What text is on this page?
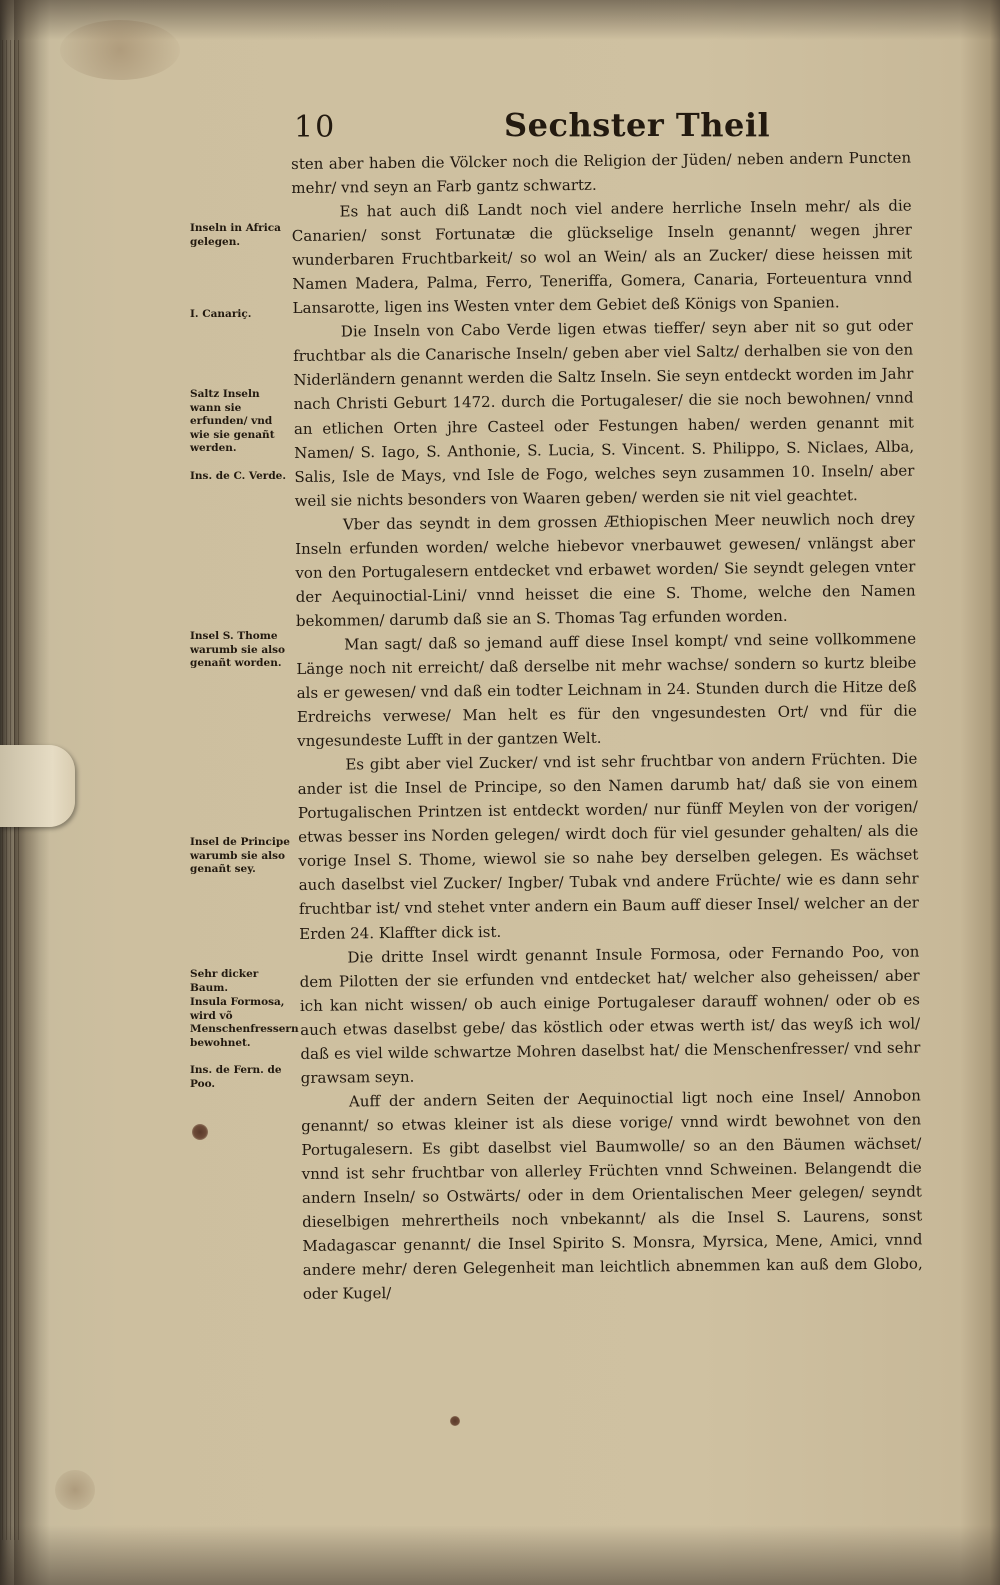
10	Sechster Theil
sten aber haben die Völcker noch die Religion der Jüden/ neben andern Puncten mehr/ vnd seyn an Farb gantz schwartz.
Es hat auch diß Landt noch viel andere herrliche Inseln mehr/ als die Canarien/ sonst Fortunatæ die glückselige Inseln genannt/ wegen jhrer wunderbaren Fruchtbarkeit/ so wol an Wein/ als an Zucker/ diese heissen mit Namen Madera, Palma, Ferro, Teneriffa, Gomera, Canaria, Forteuentura vnnd Lansarotte, ligen ins Westen vnter dem Gebiet deß Königs von Spanien.
Die Inseln von Cabo Verde ligen etwas tieffer/ seyn aber nit so gut oder fruchtbar als die Canarische Inseln/ geben aber viel Saltz/ derhalben sie von den Niderländern genannt werden die Saltz Inseln. Sie seyn entdeckt worden im Jahr nach Christi Geburt 1472. durch die Portugaleser/ die sie noch bewohnen/ vnnd an etlichen Orten jhre Casteel oder Festungen haben/ werden genannt mit Namen/ S. Iago, S. Anthonie, S. Lucia, S. Vincent. S. Philippo, S. Niclaes, Alba, Salis, Isle de Mays, vnd Isle de Fogo, welches seyn zusammen 10. Inseln/ aber weil sie nichts besonders von Waaren geben/ werden sie nit viel geachtet.
Vber das seyndt in dem grossen Æthiopischen Meer neuwlich noch drey Inseln erfunden worden/ welche hiebevor vnerbauwet gewesen/ vnlängst aber von den Portugalesern entdecket vnd erbawet worden/ Sie seyndt gelegen vnter der Aequinoctial-Lini/ vnnd heisset die eine S. Thome, welche den Namen bekommen/ darumb daß sie an S. Thomas Tag erfunden worden.
Man sagt/ daß so jemand auff diese Insel kompt/ vnd seine vollkommene Länge noch nit erreicht/ daß derselbe nit mehr wachse/ sondern so kurtz bleibe als er gewesen/ vnd daß ein todter Leichnam in 24. Stunden durch die Hitze deß Erdreichs verwese/ Man helt es für den vngesundesten Ort/ vnd für die vngesundeste Lufft in der gantzen Welt.
Es gibt aber viel Zucker/ vnd ist sehr fruchtbar von andern Früchten. Die ander ist die Insel de Principe, so den Namen darumb hat/ daß sie von einem Portugalischen Printzen ist entdeckt worden/ nur fünff Meylen von der vorigen/ etwas besser ins Norden gelegen/ wirdt doch für viel gesunder gehalten/ als die vorige Insel S. Thome, wiewol sie so nahe bey derselben gelegen. Es wächset auch daselbst viel Zucker/ Ingber/ Tubak vnd andere Früchte/ wie es dann sehr fruchtbar ist/ vnd stehet vnter andern ein Baum auff dieser Insel/ welcher an der Erden 24. Klaffter dick ist.
Die dritte Insel wirdt genannt Insule Formosa, oder Fernando Poo, von dem Pilotten der sie erfunden vnd entdecket hat/ welcher also geheissen/ aber ich kan nicht wissen/ ob auch einige Portugaleser darauff wohnen/ oder ob es auch etwas daselbst gebe/ das köstlich oder etwas werth ist/ das weyß ich wol/ daß es viel wilde schwartze Mohren daselbst hat/ die Menschenfresser/ vnd sehr grawsam seyn.
Auff der andern Seiten der Aequinoctial ligt noch eine Insel/ Annobon genannt/ so etwas kleiner ist als diese vorige/ vnnd wirdt bewohnet von den Portugalesern. Es gibt daselbst viel Baumwolle/ so an den Bäumen wächset/ vnnd ist sehr fruchtbar von allerley Früchten vnnd Schweinen. Belangendt die andern Inseln/ so Ostwärts/ oder in dem Orientalischen Meer gelegen/ seyndt dieselbigen mehrertheils noch vnbekannt/ als die Insel S. Laurens, sonst Madagascar genannt/ die Insel Spirito S. Monsra, Myrsica, Mene, Amici, vnnd andere mehr/ deren Gelegenheit man leichtlich abnemmen kan auß dem Globo, oder Kugel/
Inseln in Africa gelegen.
I. Canariç.
Saltz Inseln wann sie erfunden/ vnd wie sie genañt werden.
Ins. de C. Verde.
Insel S. Thome warumb sie also genañt worden.
Insel de Principe warumb sie also genañt sey.
Sehr dicker Baum.
Insula Formosa, wird võ Menschenfressern bewohnet.
Ins. de Fern. de Poo.
